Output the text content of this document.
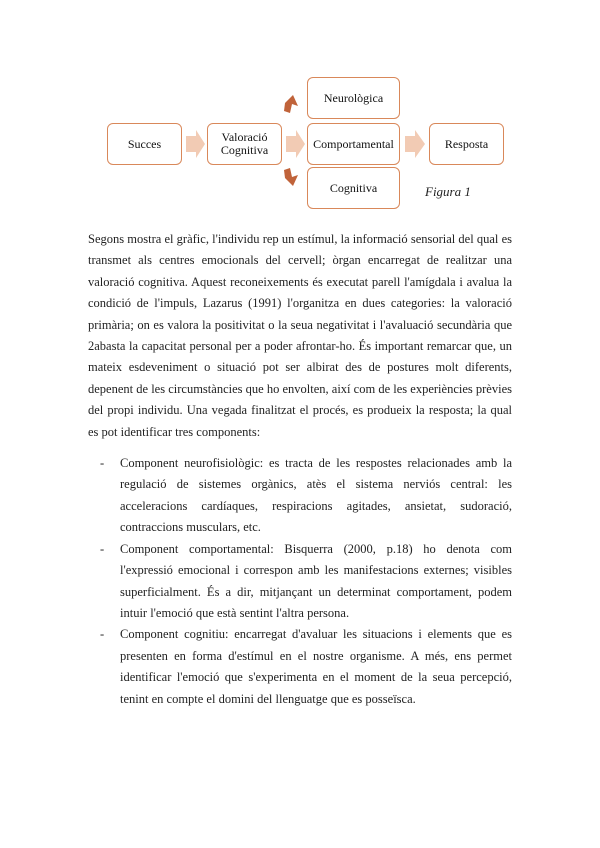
Succes	Valoració
Cognitiva
Neurològica
Comportamental
Cognitiva
Resposta
Figura 1

Segons mostra el gràfic, l'individu rep un estímul, la informació sensorial del qual es transmet als centres emocionals del cervell; òrgan encarregat de realitzar una valoració cognitiva. Aquest reconeixements és executat parell l'amígdala i avalua la condició de l'impuls, Lazarus (1991) l'organitza en dues categories: la valoració primària; on es valora la positivitat o la seua negativitat i l'avaluació secundària que 2abasta la capacitat personal per a poder afrontar-ho. És important remarcar que, un mateix esdeveniment o situació pot ser albirat des de postures molt diferents, depenent de les circumstàncies que ho envolten, així com de les experiències prèvies del propi individu. Una vegada finalitzat el procés, es produeix la resposta; la qual es pot identificar tres components:

- Component neurofisiològic: es tracta de les respostes relacionades amb la regulació de sistemes orgànics, atès el sistema nerviós central: les acceleracions cardíaques, respiracions agitades, ansietat, sudoració, contraccions musculars, etc.
- Component comportamental: Bisquerra (2000, p.18) ho denota com l'expressió emocional i correspon amb les manifestacions externes; visibles superficialment. És a dir, mitjançant un determinat comportament, podem intuir l'emoció que està sentint l'altra persona.
- Component cognitiu: encarregat d'avaluar les situacions i elements que es presenten en forma d'estímul en el nostre organisme. A més, ens permet identificar l'emoció que s'experimenta en el moment de la seua percepció, tenint en compte el domini del llenguatge que es posseïsca.
